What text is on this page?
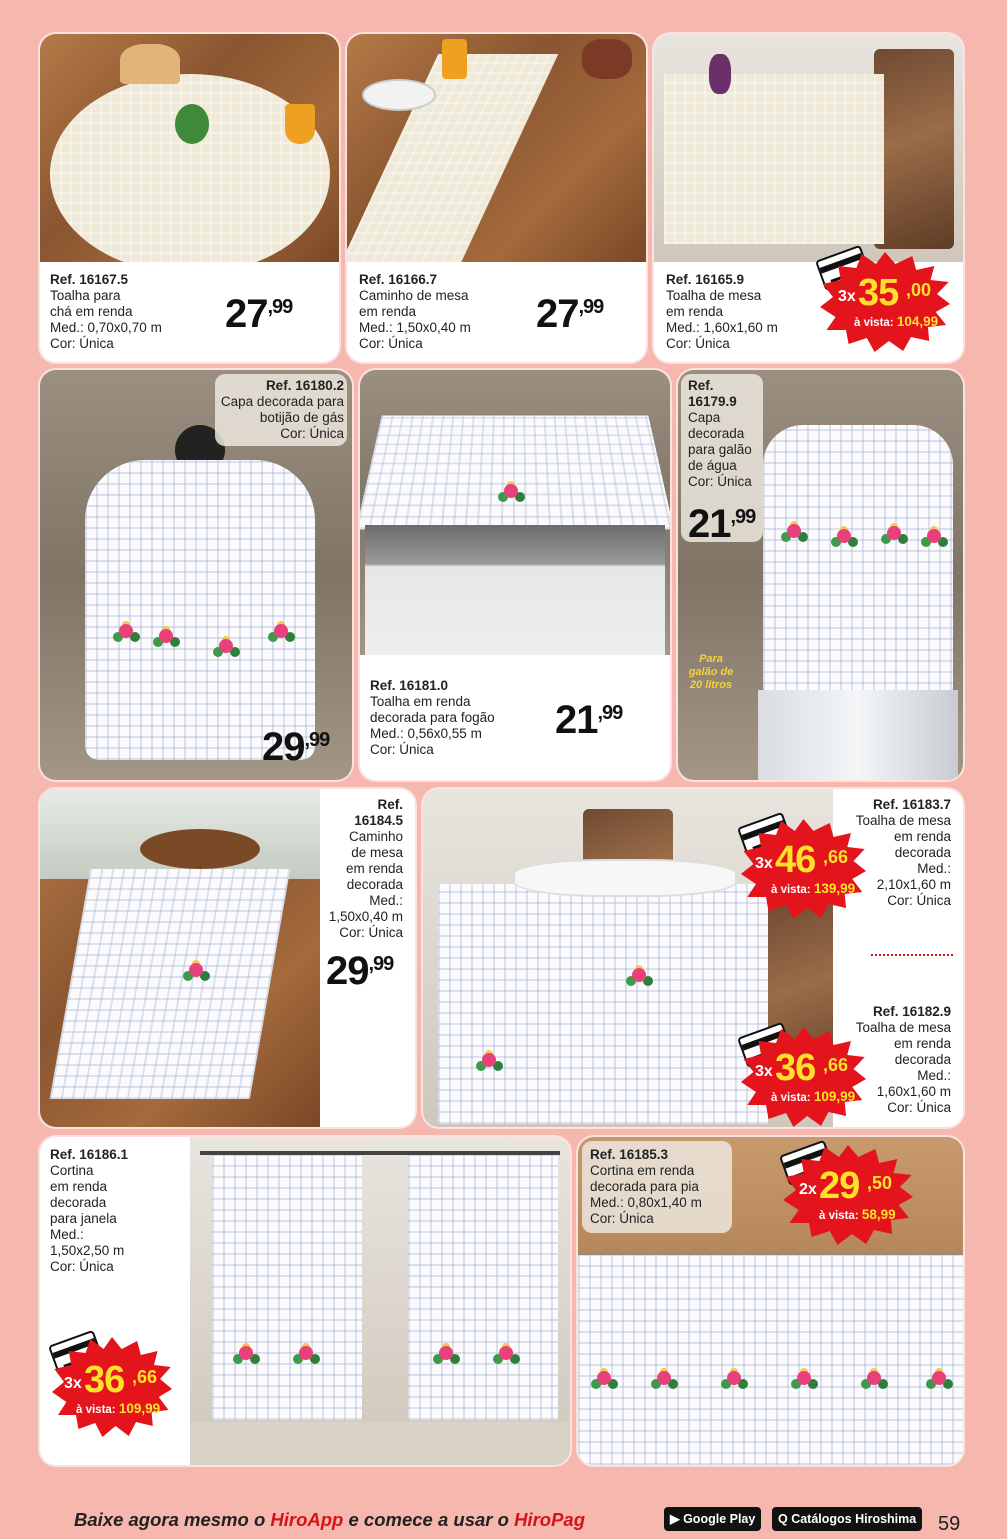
Ref. 16167.5
Toalha para
chá em renda
Med.: 0,70x0,70 m
Cor: Única
27,99
Ref. 16166.7
Caminho de mesa
em renda
Med.: 1,50x0,40 m
Cor: Única
27,99
Ref. 16165.9
Toalha de mesa
em renda
Med.: 1,60x1,60 m
Cor: Única
3x 35 ,00
à vista: 104,99
Ref. 16180.2
Capa decorada para
botijão de gás
Cor: Única
29,99
Ref. 16181.0
Toalha em renda
decorada para fogão
Med.: 0,56x0,55 m
Cor: Única
21,99
Ref.
16179.9
Capa
decorada
para galão
de água
Cor: Única
21,99
Para
galão de
20 litros
Ref.
16184.5
Caminho
de mesa
em renda
decorada
Med.:
1,50x0,40 m
Cor: Única
29,99
Ref. 16183.7
Toalha de mesa
em renda
decorada
Med.:
2,10x1,60 m
Cor: Única
Ref. 16182.9
Toalha de mesa
em renda
decorada
Med.:
1,60x1,60 m
Cor: Única
3x 46 ,66
à vista: 139,99
3x 36 ,66
à vista: 109,99
Ref. 16186.1
Cortina
em renda
decorada
para janela
Med.:
1,50x2,50 m
Cor: Única
3x 36 ,66
à vista: 109,99
Ref. 16185.3
Cortina em renda
decorada para pia
Med.: 0,80x1,40 m
Cor: Única
2x 29 ,50
à vista: 58,99
Baixe agora mesmo o HiroApp e comece a usar o HiroPag	▶ Google Play	Q Catálogos Hiroshima	59
